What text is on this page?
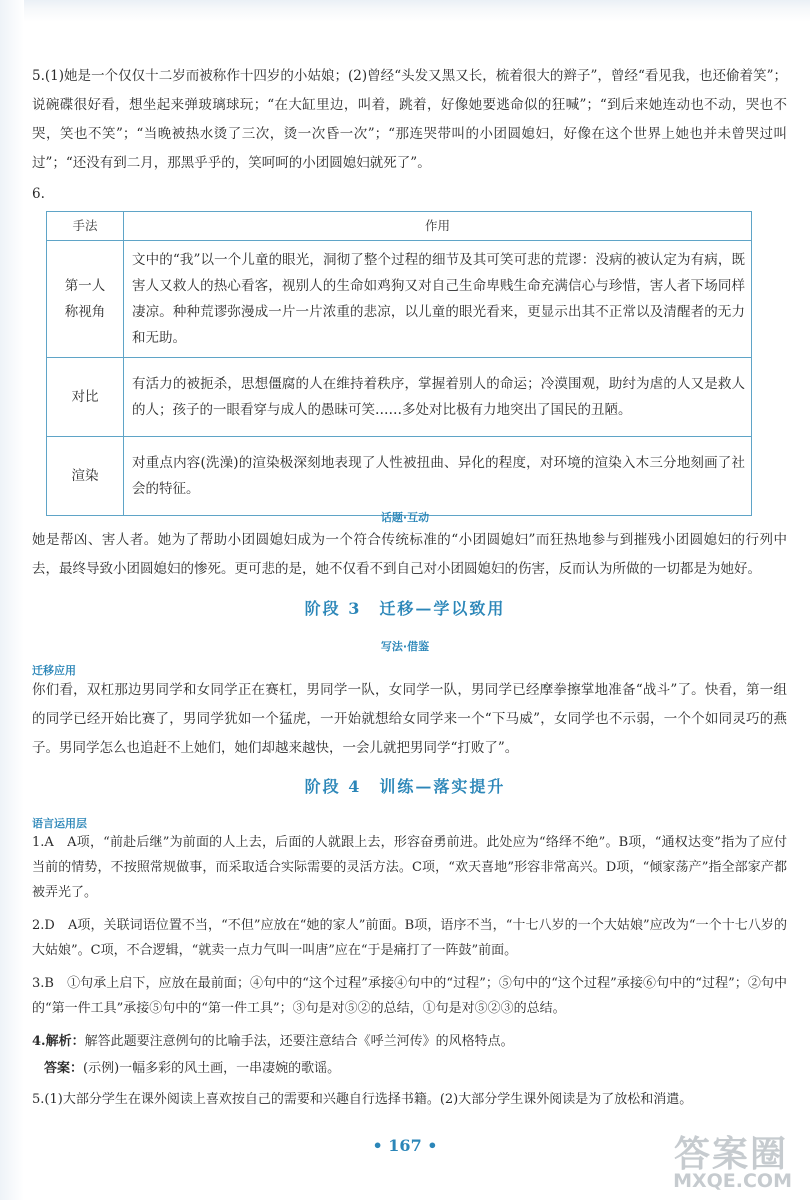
5.(1)她是一个仅仅十二岁而被称作十四岁的小姑娘；(2)曾经“头发又黑又长，梳着很大的辫子”，曾经“看见我，也还偷着笑”；说碗碟很好看，想坐起来弹玻璃球玩；“在大缸里边，叫着，跳着，好像她要逃命似的狂喊”；“到后来她连动也不动，哭也不哭，笑也不笑”；“当晚被热水烫了三次，烫一次昏一次”；“那连哭带叫的小团圆媳妇，好像在这个世界上她也并未曾哭过叫过”；“还没有到二月，那黑乎乎的，笑呵呵的小团圆媳妇就死了”。

6.

手法	作用
第一人称视角	文中的“我”以一个儿童的眼光，洞彻了整个过程的细节及其可笑可悲的荒谬：没病的被认定为有病，既害人又救人的热心看客，视别人的生命如鸡狗又对自己生命卑贱生命充满信心与珍惜，害人者下场同样凄凉。种种荒谬弥漫成一片一片浓重的悲凉，以儿童的眼光看来，更显示出其不正常以及清醒者的无力和无助。
对比	有活力的被扼杀，思想僵腐的人在维持着秩序，掌握着别人的命运；冷漠围观，助纣为虐的人又是救人的人；孩子的一眼看穿与成人的愚昧可笑……多处对比极有力地突出了国民的丑陋。
渲染	对重点内容(洗澡)的渲染极深刻地表现了人性被扭曲、异化的程度，对环境的渲染入木三分地刻画了社会的特征。
话题·互动

她是帮凶、害人者。她为了帮助小团圆媳妇成为一个符合传统标准的“小团圆媳妇”而狂热地参与到摧残小团圆媳妇的行列中去，最终导致小团圆媳妇的惨死。更可悲的是，她不仅看不到自己对小团圆媳妇的伤害，反而认为所做的一切都是为她好。

阶段 3　迁移—学以致用
写法·借鉴
迁移应用

你们看，双杠那边男同学和女同学正在赛杠，男同学一队，女同学一队，男同学已经摩拳擦掌地准备“战斗”了。快看，第一组的同学已经开始比赛了，男同学犹如一个猛虎，一开始就想给女同学来一个“下马威”，女同学也不示弱，一个个如同灵巧的燕子。男同学怎么也追赶不上她们，她们却越来越快，一会儿就把男同学“打败了”。

阶段 4　训练—落实提升
语言运用层

1.A　A项，“前赴后继”为前面的人上去，后面的人就跟上去，形容奋勇前进。此处应为“络绎不绝”。B项，“通权达变”指为了应付当前的情势，不按照常规做事，而采取适合实际需要的灵活方法。C项，“欢天喜地”形容非常高兴。D项，“倾家荡产”指全部家产都被弄光了。

2.D　A项，关联词语位置不当，“不但”应放在“她的家人”前面。B项，语序不当，“十七八岁的一个大姑娘”应改为“一个十七八岁的大姑娘”。C项，不合逻辑，“就卖一点力气叫一叫唐”应在“于是痛打了一阵鼓”前面。

3.B　①句承上启下，应放在最前面；④句中的“这个过程”承接④句中的“过程”；⑤句中的“这个过程”承接⑥句中的“过程”；②句中的“第一件工具”承接⑤句中的“第一件工具”；③句是对⑤②的总结，①句是对⑤②③的总结。

4.解析：解答此题要注意例句的比喻手法，还要注意结合《呼兰河传》的风格特点。

答案：(示例)一幅多彩的风土画，一串凄婉的歌谣。

5.(1)大部分学生在课外阅读上喜欢按自己的需要和兴趣自行选择书籍。(2)大部分学生课外阅读是为了放松和消遣。

• 167 •	答案圈
MXQE.COM
